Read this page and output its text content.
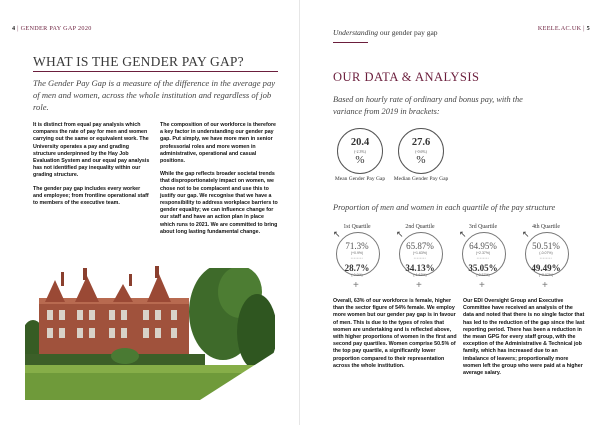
4 | GENDER PAY GAP 2020
WHAT IS THE GENDER PAY GAP?
The Gender Pay Gap is a measure of the difference in the average pay of men and women, across the whole institution and regardless of job role.

It is distinct from equal pay analysis which compares the rate of pay for men and women carrying out the same or equivalent work. The University operates a pay and grading structure underpinned by the Hay Job Evaluation System and our equal pay analysis has not identified pay inequality within our grading structure.

The gender pay gap includes every worker and employee; from frontline operational staff to members of the executive team.

The composition of our workforce is therefore a key factor in understanding our gender pay gap. Put simply, we have more men in senior professorial roles and more women in administrative, operational and casual positions.

While the gap reflects broader societal trends that disproportionately impact on women, we chose not to be complacent and use this to justify our gap. We recognise that we have a responsibility to address workplace barriers to gender equality; we can influence change for our staff and have an action plan in place which runs to 2021. We are committed to bring about long lasting fundamental change.

KEELE.AC.UK | 5
Understanding our gender pay gap
OUR DATA & ANALYSIS
Based on hourly rate of ordinary and bonus pay, with the variance from 2019 in brackets:
20.4
(-2.3%)
%
Mean Gender Pay Gap
27.6
(-0.6%)
%
Median Gender Pay Gap
Proportion of men and women in each quartile of the pay structure
1st Quartile
↖
71.3%
(+0.9%)
••••••••
28.7%
(-0.9%)
+
2nd Quartile
↖
65.87%
(+1.63%)
••••••••
34.13%
(-1.63%)
+
3rd Quartile
↖
64.95%
(+2.37%)
••••••••
35.05%
(-2.37%)
+
4th Quartile
↖
50.51%
(-0.07%)
••••••••
49.49%
(+0.07%)
+

Overall, 63% of our workforce is female, higher than the sector figure of 54% female. We employ more women but our gender pay gap is in favour of men. This is due to the types of roles that women are undertaking and is reflected above, with higher proportions of women in the first and second pay quartiles. Women comprise 50.5% of the top pay quartile, a significantly lower proportion compared to their representation across the whole institution.

Our EDI Oversight Group and Executive Committee have received an analysis of the data and noted that there is no single factor that has led to the reduction of the gap since the last reporting period. There has been a reduction in the mean GPG for every staff group, with the exception of the Administrative & Technical job family, which has increased due to an imbalance of leavers; proportionally more women left the group who were paid at a higher average salary.
